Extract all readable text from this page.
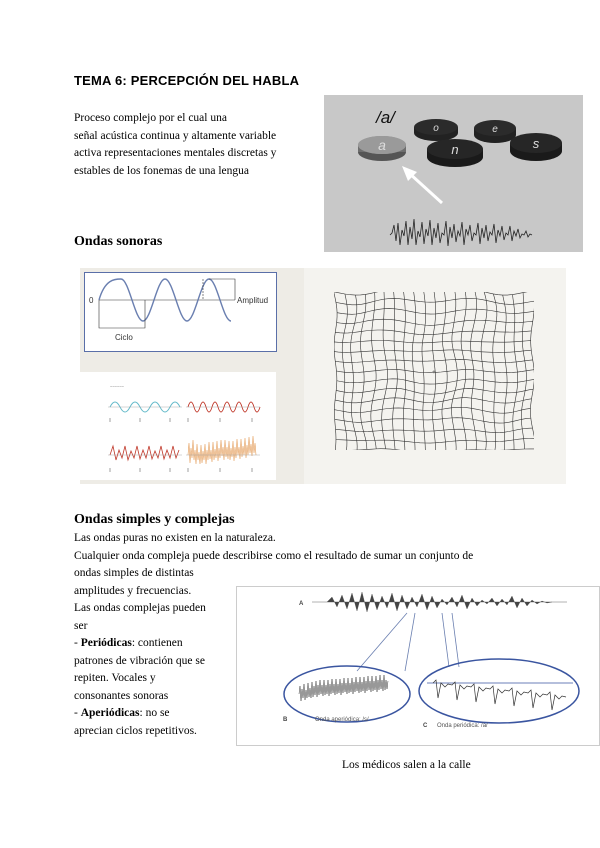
TEMA 6: PERCEPCIÓN DEL HABLA
Proceso complejo por el cual una
señal acústica continua y altamente variable
activa representaciones mentales discretas y
estables de los fonemas de una lengua
a
o	e
n	s
/a/
Ondas sonoras
0	Amplitud
Ciclo
~~~~~~
+
Ondas simples y complejas
Las ondas puras no existen en la naturaleza.
Cualquier onda compleja puede describirse como el resultado de sumar un conjunto de
ondas simples de distintas
amplitudes y frecuencias.
Las ondas complejas pueden
ser
- Periódicas: contienen
patrones de vibración que se
repiten. Vocales y
consonantes sonoras
- Aperiódicas: no se
aprecian ciclos repetitivos.
A
B	Onda aperiódica: /s/
C Onda periódica: /a/
Los médicos salen a la calle
